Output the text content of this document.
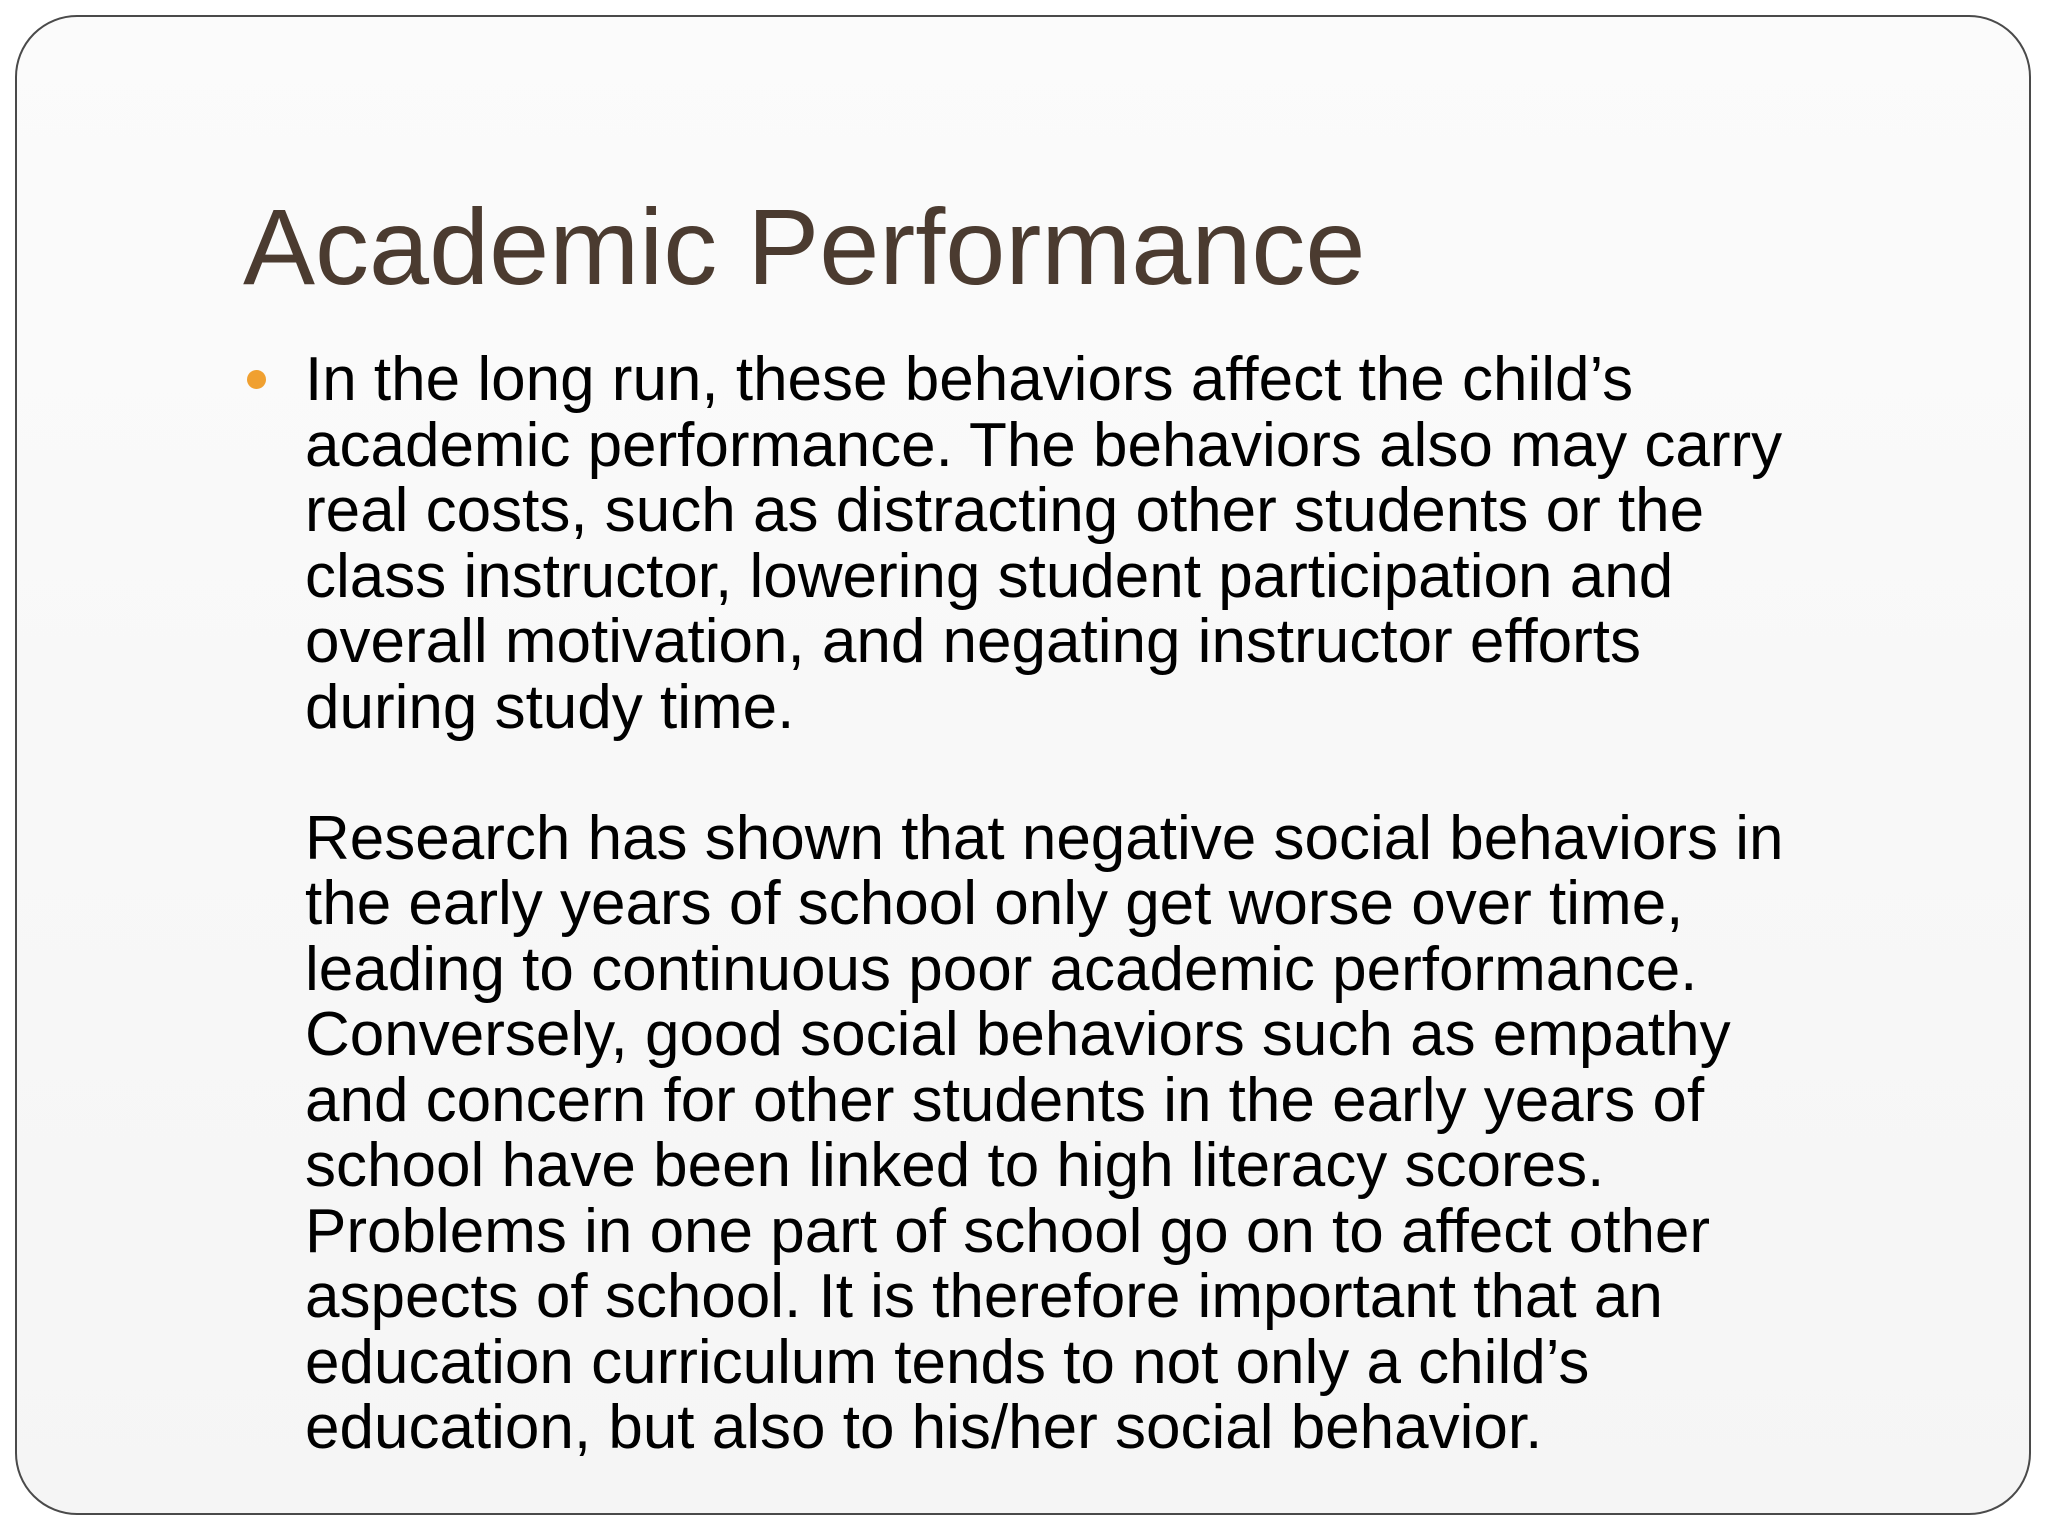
Academic Performance
In the long run, these behaviors affect the child’s
academic performance. The behaviors also may carry
real costs, such as distracting other students or the
class instructor, lowering student participation and
overall motivation, and negating instructor efforts
during study time.
Research has shown that negative social behaviors in
the early years of school only get worse over time,
leading to continuous poor academic performance.
Conversely, good social behaviors such as empathy
and concern for other students in the early years of
school have been linked to high literacy scores.
Problems in one part of school go on to affect other
aspects of school. It is therefore important that an
education curriculum tends to not only a child’s
education, but also to his/her social behavior.
